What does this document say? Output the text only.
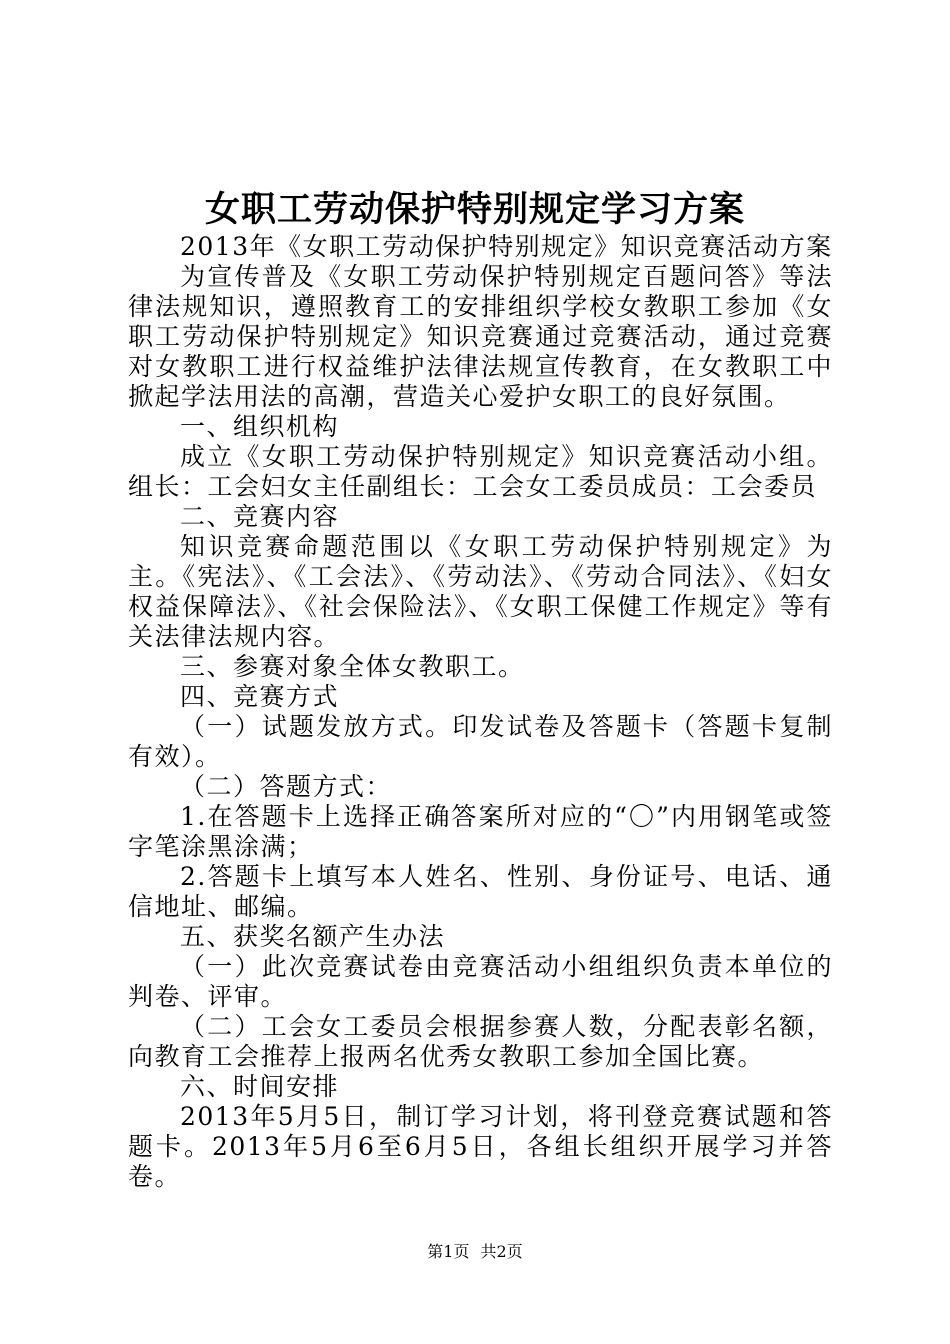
女职工劳动保护特别规定学习方案

2013年《女职工劳动保护特别规定》知识竞赛活动方案

为宣传普及《女职工劳动保护特别规定百题问答》等法律法规知识，遵照教育工的安排组织学校女教职工参加《女职工劳动保护特别规定》知识竞赛通过竞赛活动，通过竞赛对女教职工进行权益维护法律法规宣传教育，在女教职工中掀起学法用法的高潮，营造关心爱护女职工的良好氛围。

一、组织机构

成立《女职工劳动保护特别规定》知识竞赛活动小组。组长：工会妇女主任副组长：工会女工委员成员：工会委员

二、竞赛内容

知识竞赛命题范围以《女职工劳动保护特别规定》为主。《宪法》、《工会法》、《劳动法》、《劳动合同法》、《妇女权益保障法》、《社会保险法》、《女职工保健工作规定》等有关法律法规内容。

三、参赛对象全体女教职工。

四、竞赛方式

（一）试题发放方式。印发试卷及答题卡（答题卡复制有效）。

（二）答题方式：

1.在答题卡上选择正确答案所对应的“〇”内用钢笔或签字笔涂黑涂满；

2.答题卡上填写本人姓名、性别、身份证号、电话、通信地址、邮编。

五、获奖名额产生办法

（一）此次竞赛试卷由竞赛活动小组组织负责本单位的判卷、评审。

（二）工会女工委员会根据参赛人数，分配表彰名额，向教育工会推荐上报两名优秀女教职工参加全国比赛。

六、时间安排

2013年5月5日，制订学习计划，将刊登竞赛试题和答题卡。2013年5月6至6月5日，各组长组织开展学习并答卷。

第1页 共2页
